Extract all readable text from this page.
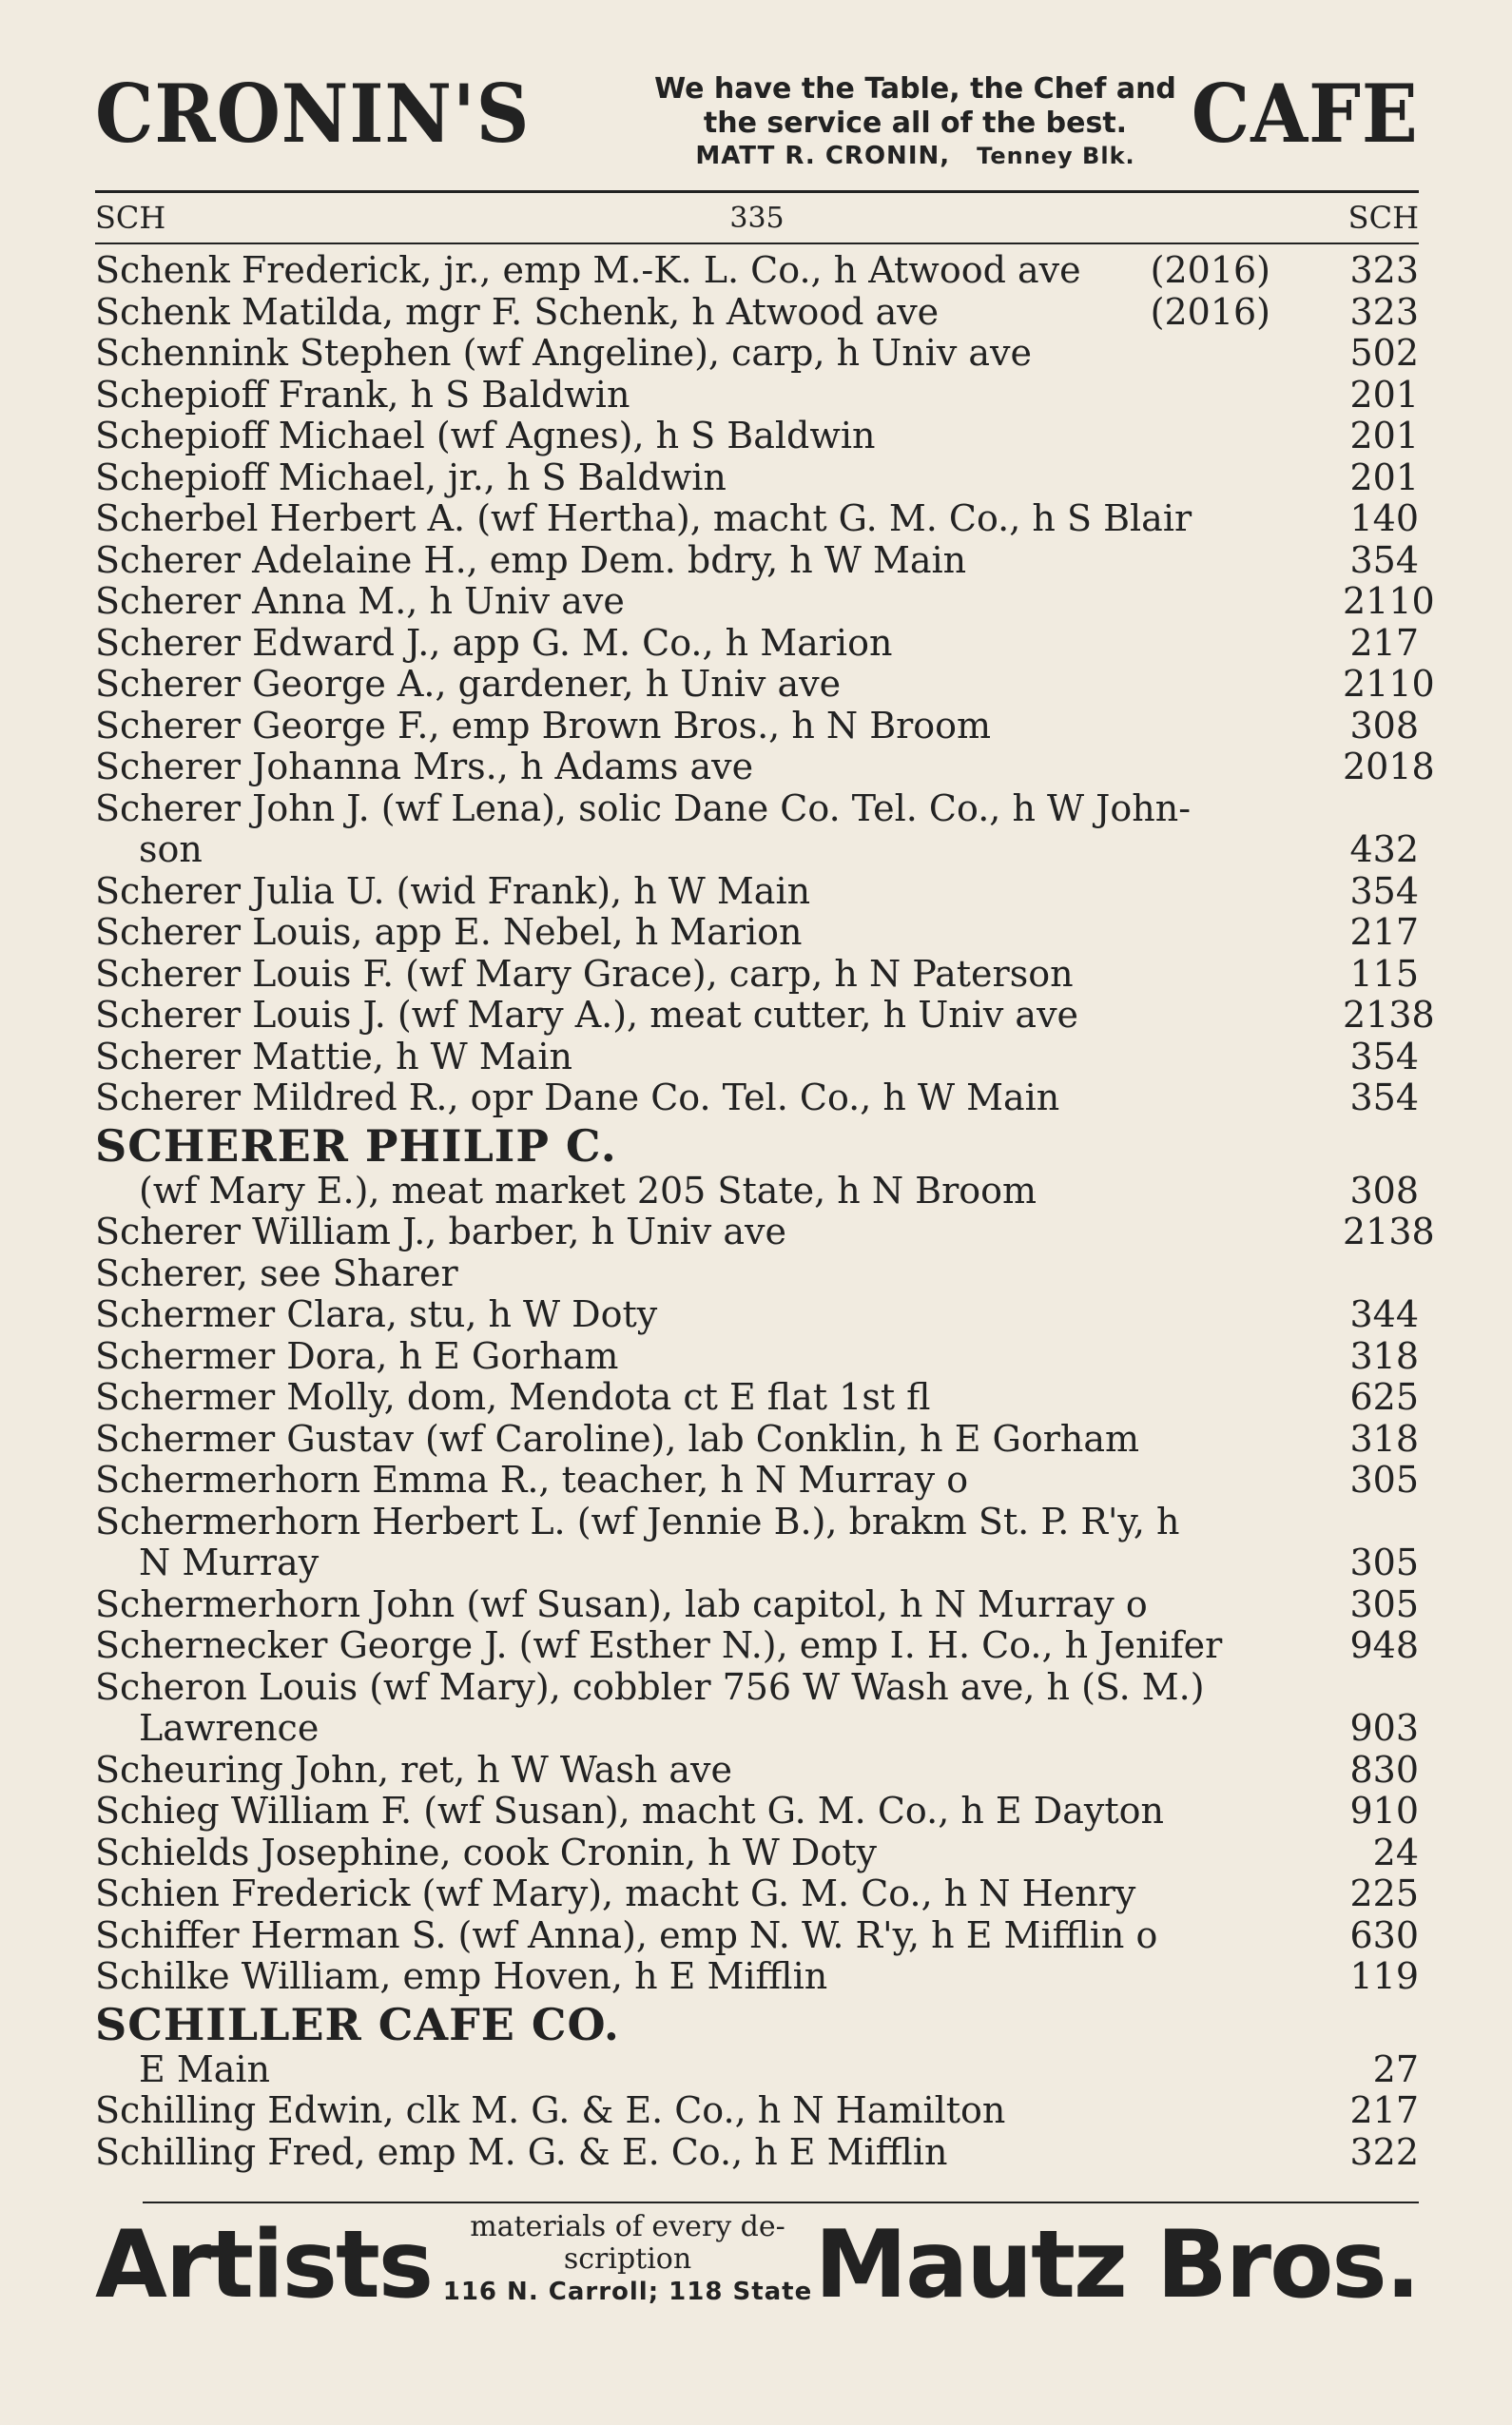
CRONIN'S	We have the Table, the Chef and
the service all of the best.
MATT R. CRONIN, Tenney Blk. CAFE
SCH	335	SCH
Schenk Frederick, jr., emp M.-K. L. Co., h Atwood ave	(2016) 323
Schenk Matilda, mgr F. Schenk, h Atwood ave	(2016) 323
Schennink Stephen (wf Angeline), carp, h Univ ave	502
Schepioff Frank, h S Baldwin	201
Schepioff Michael (wf Agnes), h S Baldwin	201
Schepioff Michael, jr., h S Baldwin	201
Scherbel Herbert A. (wf Hertha), macht G. M. Co., h S Blair	140
Scherer Adelaine H., emp Dem. bdry, h W Main	354
Scherer Anna M., h Univ ave	2110
Scherer Edward J., app G. M. Co., h Marion	217
Scherer George A., gardener, h Univ ave	2110
Scherer George F., emp Brown Bros., h N Broom	308
Scherer Johanna Mrs., h Adams ave	2018
Scherer John J. (wf Lena), solic Dane Co. Tel. Co., h W John-
son	432
Scherer Julia U. (wid Frank), h W Main	354
Scherer Louis, app E. Nebel, h Marion	217
Scherer Louis F. (wf Mary Grace), carp, h N Paterson	115
Scherer Louis J. (wf Mary A.), meat cutter, h Univ ave	2138
Scherer Mattie, h W Main	354
Scherer Mildred R., opr Dane Co. Tel. Co., h W Main	354
SCHERER PHILIP C.
(wf Mary E.), meat market 205 State, h N Broom	308
Scherer William J., barber, h Univ ave	2138
Scherer, see Sharer
Schermer Clara, stu, h W Doty	344
Schermer Dora, h E Gorham	318
Schermer Molly, dom, Mendota ct E flat 1st fl	625
Schermer Gustav (wf Caroline), lab Conklin, h E Gorham	318
Schermerhorn Emma R., teacher, h N Murray o	305
Schermerhorn Herbert L. (wf Jennie B.), brakm St. P. R'y, h
N Murray	305
Schermerhorn John (wf Susan), lab capitol, h N Murray o	305
Schernecker George J. (wf Esther N.), emp I. H. Co., h Jenifer	948
Scheron Louis (wf Mary), cobbler 756 W Wash ave, h (S. M.)
Lawrence	903
Scheuring John, ret, h W Wash ave	830
Schieg William F. (wf Susan), macht G. M. Co., h E Dayton	910
Schields Josephine, cook Cronin, h W Doty	24
Schien Frederick (wf Mary), macht G. M. Co., h N Henry	225
Schiffer Herman S. (wf Anna), emp N. W. R'y, h E Mifflin o	630
Schilke William, emp Hoven, h E Mifflin	119
SCHILLER CAFE CO.
E Main	27
Schilling Edwin, clk M. G. & E. Co., h N Hamilton	217
Schilling Fred, emp M. G. & E. Co., h E Mifflin	322
Artists	materials of every de-
scription
116 N. Carroll; 118 State Mautz Bros.
